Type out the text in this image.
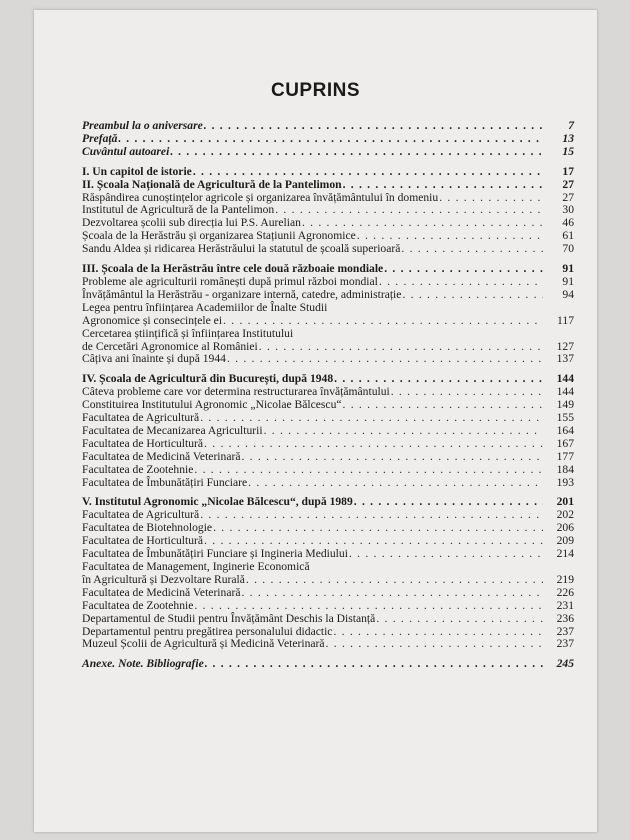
CUPRINS
Preambul la o aniversare . . .	7
Prefață . . .	13
Cuvântul autoarei . . .	15
I. Un capitol de istorie . . .	17
II. Școala Națională de Agricultură de la Pantelimon . . .	27
Răspândirea cunoștințelor agricole și organizarea învățământului în domeniu . . .	27
Institutul de Agricultură de la Pantelimon . . .	30
Dezvoltarea școlii sub direcția lui P.S. Aurelian . . .	46
Școala de la Herăstrău și organizarea Stațiunii Agronomice . . .	61
Sandu Aldea și ridicarea Herăstrăului la statutul de școală superioară . . .	70
III. Școala de la Herăstrău între cele două războaie mondiale . . .	91
Probleme ale agriculturii românești după primul război mondial . . .	91
Învățământul la Herăstrău - organizare internă, catedre, administrație . . .	94
Legea pentru înființarea Academiilor de Înalte Studii
Agronomice și consecințele ei . . .	117
Cercetarea științifică și înființarea Institutului
de Cercetări Agronomice al României . . .	127
Câțiva ani înainte și după 1944 . . .	137
IV. Școala de Agricultură din București, după 1948 . . .	144
Câteva probleme care vor determina restructurarea învățământului . . .	144
Constituirea Institutului Agronomic „Nicolae Bălcescu“ . . .	149
Facultatea de Agricultură . . .	155
Facultatea de Mecanizarea Agriculturii . . .	164
Facultatea de Horticultură . . .	167
Facultatea de Medicină Veterinară . . .	177
Facultatea de Zootehnie . . .	184
Facultatea de Îmbunătățiri Funciare . . .	193
V. Institutul Agronomic „Nicolae Bălcescu“, după 1989 . . .	201
Facultatea de Agricultură . . .	202
Facultatea de Biotehnologie . . .	206
Facultatea de Horticultură . . .	209
Facultatea de Îmbunătățiri Funciare și Ingineria Mediului . . .	214
Facultatea de Management, Inginerie Economică
în Agricultură și Dezvoltare Rurală . . .	219
Facultatea de Medicină Veterinară . . .	226
Facultatea de Zootehnie . . .	231
Departamentul de Studii pentru Învățământ Deschis la Distanță . . .	236
Departamentul pentru pregătirea personalului didactic . . .	237
Muzeul Școlii de Agricultură și Medicină Veterinară . . .	237
Anexe. Note. Bibliografie . . .	245
